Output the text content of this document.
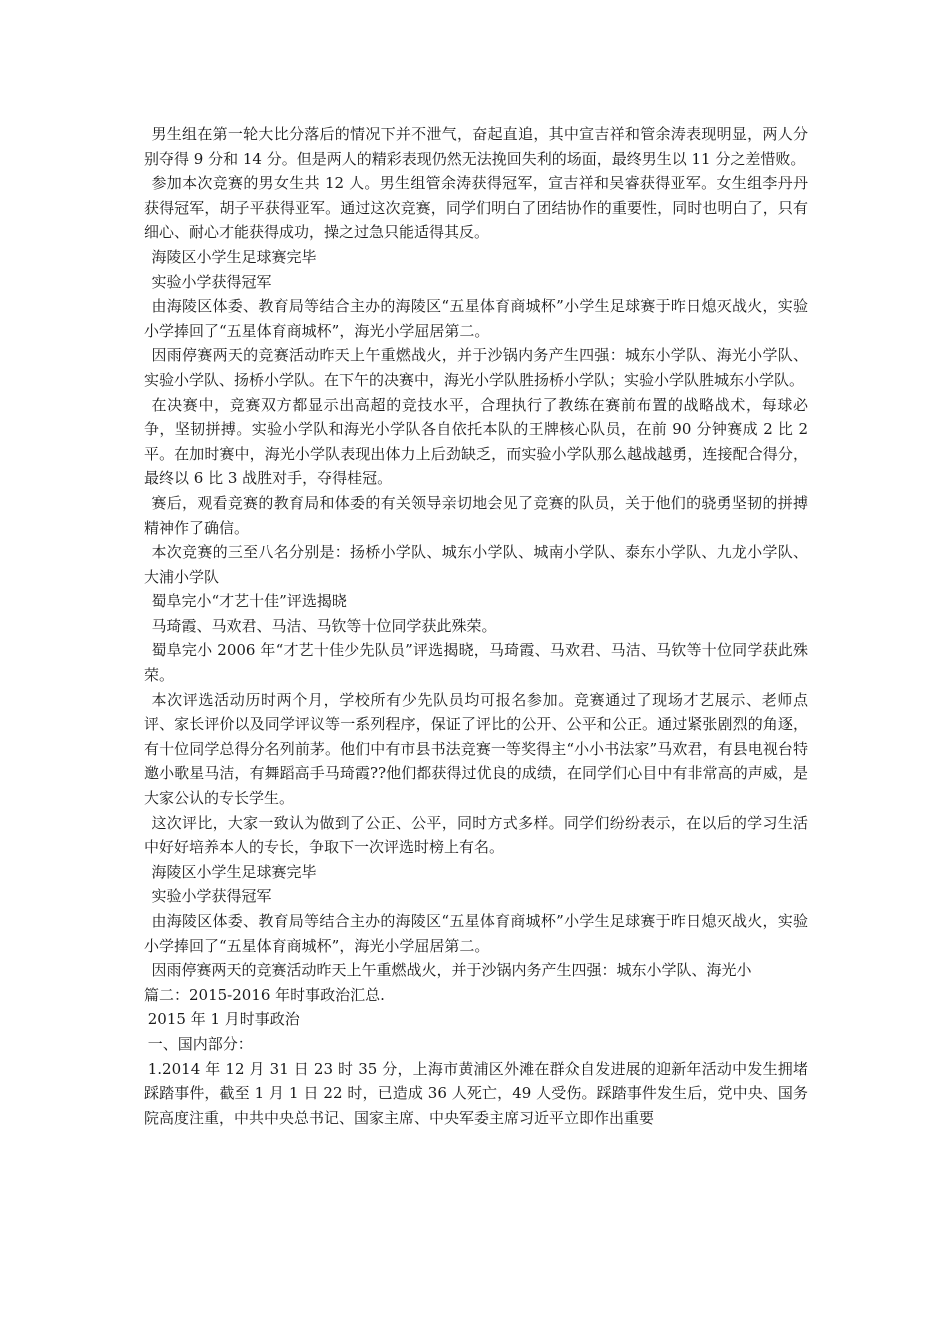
男生组在第一轮大比分落后的情况下并不泄气，奋起直追，其中宣吉祥和管余涛表现明显，两人分别夺得 9 分和 14 分。但是两人的精彩表现仍然无法挽回失利的场面，最终男生以 11 分之差惜败。

参加本次竞赛的男女生共 12 人。男生组管余涛获得冠军，宣吉祥和吴睿获得亚军。女生组李丹丹获得冠军，胡子平获得亚军。通过这次竞赛，同学们明白了团结协作的重要性，同时也明白了，只有细心、耐心才能获得成功，操之过急只能适得其反。

海陵区小学生足球赛完毕

实验小学获得冠军

由海陵区体委、教育局等结合主办的海陵区“五星体育商城杯”小学生足球赛于昨日熄灭战火，实验小学捧回了“五星体育商城杯”，海光小学屈居第二。

因雨停赛两天的竞赛活动昨天上午重燃战火，并于沙锅内务产生四强：城东小学队、海光小学队、实验小学队、扬桥小学队。在下午的决赛中，海光小学队胜扬桥小学队；实验小学队胜城东小学队。

在决赛中，竞赛双方都显示出高超的竞技水平，合理执行了教练在赛前布置的战略战术，每球必争，坚韧拼搏。实验小学队和海光小学队各自依托本队的王牌核心队员，在前 90 分钟赛成 2 比 2 平。在加时赛中，海光小学队表现出体力上后劲缺乏，而实验小学队那么越战越勇，连接配合得分，最终以 6 比 3 战胜对手，夺得桂冠。

赛后，观看竞赛的教育局和体委的有关领导亲切地会见了竞赛的队员，关于他们的骁勇坚韧的拼搏精神作了确信。

本次竞赛的三至八名分别是：扬桥小学队、城东小学队、城南小学队、泰东小学队、九龙小学队、大浦小学队

蜀阜完小“才艺十佳”评选揭晓

马琦霞、马欢君、马洁、马钦等十位同学获此殊荣。

蜀阜完小 2006 年“才艺十佳少先队员”评选揭晓，马琦霞、马欢君、马洁、马钦等十位同学获此殊荣。

本次评选活动历时两个月，学校所有少先队员均可报名参加。竞赛通过了现场才艺展示、老师点评、家长评价以及同学评议等一系列程序，保证了评比的公开、公平和公正。通过紧张剧烈的角逐，有十位同学总得分名列前茅。他们中有市县书法竞赛一等奖得主“小小书法家”马欢君，有县电视台特邀小歌星马洁，有舞蹈高手马琦霞??他们都获得过优良的成绩，在同学们心目中有非常高的声威，是大家公认的专长学生。

这次评比，大家一致认为做到了公正、公平，同时方式多样。同学们纷纷表示，在以后的学习生活中好好培养本人的专长，争取下一次评选时榜上有名。

海陵区小学生足球赛完毕

实验小学获得冠军

由海陵区体委、教育局等结合主办的海陵区“五星体育商城杯”小学生足球赛于昨日熄灭战火，实验小学捧回了“五星体育商城杯”，海光小学屈居第二。

因雨停赛两天的竞赛活动昨天上午重燃战火，并于沙锅内务产生四强：城东小学队、海光小

篇二：2015-2016 年时事政治汇总.

2015 年 1 月时事政治

一、国内部分：

1.2014 年 12 月 31 日 23 时 35 分，上海市黄浦区外滩在群众自发进展的迎新年活动中发生拥堵踩踏事件，截至 1 月 1 日 22 时，已造成 36 人死亡，49 人受伤。踩踏事件发生后，党中央、国务院高度注重，中共中央总书记、国家主席、中央军委主席习近平立即作出重要
